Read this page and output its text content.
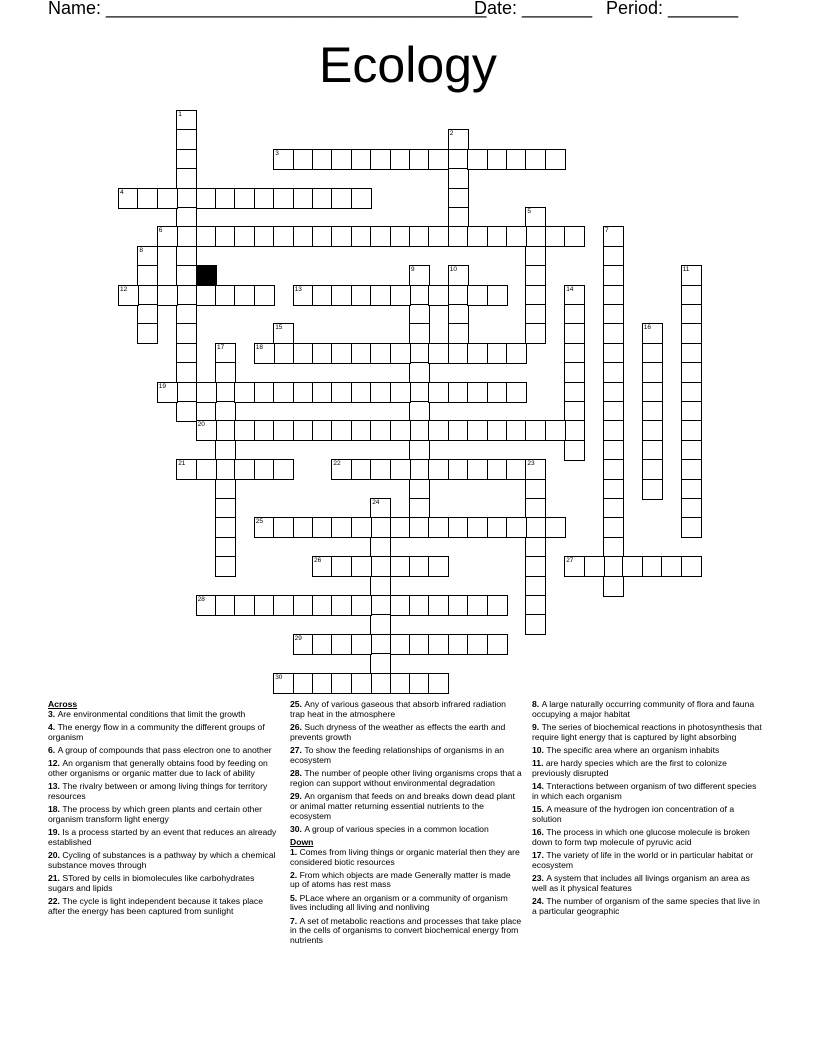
Name: ______________________________________
Date: _______ Period: _______
Ecology
1
2
3
4
5
6	7
8
9	10	11
12	13	14
15	16
17	18
19
20
21	22	23
24
25
26	27
28
29
30
Across
3. Are environmental conditions that limit the growth
4. The energy flow in a community the different groups of organism
6. A group of compounds that pass electron one to another
12. An organism that generally obtains food by feeding on other organisms or organic matter due to lack of ability
13. The rivalry between or among living things for territory resources
18. The process by which green plants and certain other organism transform light energy
19. Is a process started by an event that reduces an already established
20. Cycling of substances is a pathway by which a chemical substance moves through
21. STored by cells in biomolecules like carbohydrates sugars and lipids
22. The cycle is light independent because it takes place after the energy has been captured from sunlight
25. Any of various gaseous that absorb infrared radiation trap heat in the atmosphere
26. Such dryness of the weather as effects the earth and prevents growth
27. To show the feeding relationships of organisms in an ecosystem
28. The number of people other living organisms crops that a region can support without environmental degradation
29. An organism that feeds on and breaks down dead plant or animal matter returning essential nutrients to the ecosystem
30. A group of various species in a common location
Down
1. Comes from living things or organic material then they are considered biotic resources
2. From which objects are made Generally matter is made up of atoms has rest mass
5. PLace where an organism or a community of organism lives including all living and nonliving
7. A set of metabolic reactions and processes that take place in the cells of organisms to convert biochemical energy from nutrients
8. A large naturally occurring community of flora and fauna occupying a major habitat
9. The series of biochemical reactions in photosynthesis that require light energy that is captured by light absorbing
10. The specific area where an organism inhabits
11. are hardy species which are the first to colonize previously disrupted
14. Tnteractions between organism of two different species in which each organism
15. A measure of the hydrogen ion concentration of a solution
16. The process in which one glucose molecule is broken down to form twp molecule of pyruvic acid
17. The variety of life in the world or in particular habitat or ecosystem
23. A system that includes all livings organism an area as well as it physical features
24. The number of organism of the same species that live in a particular geographic
